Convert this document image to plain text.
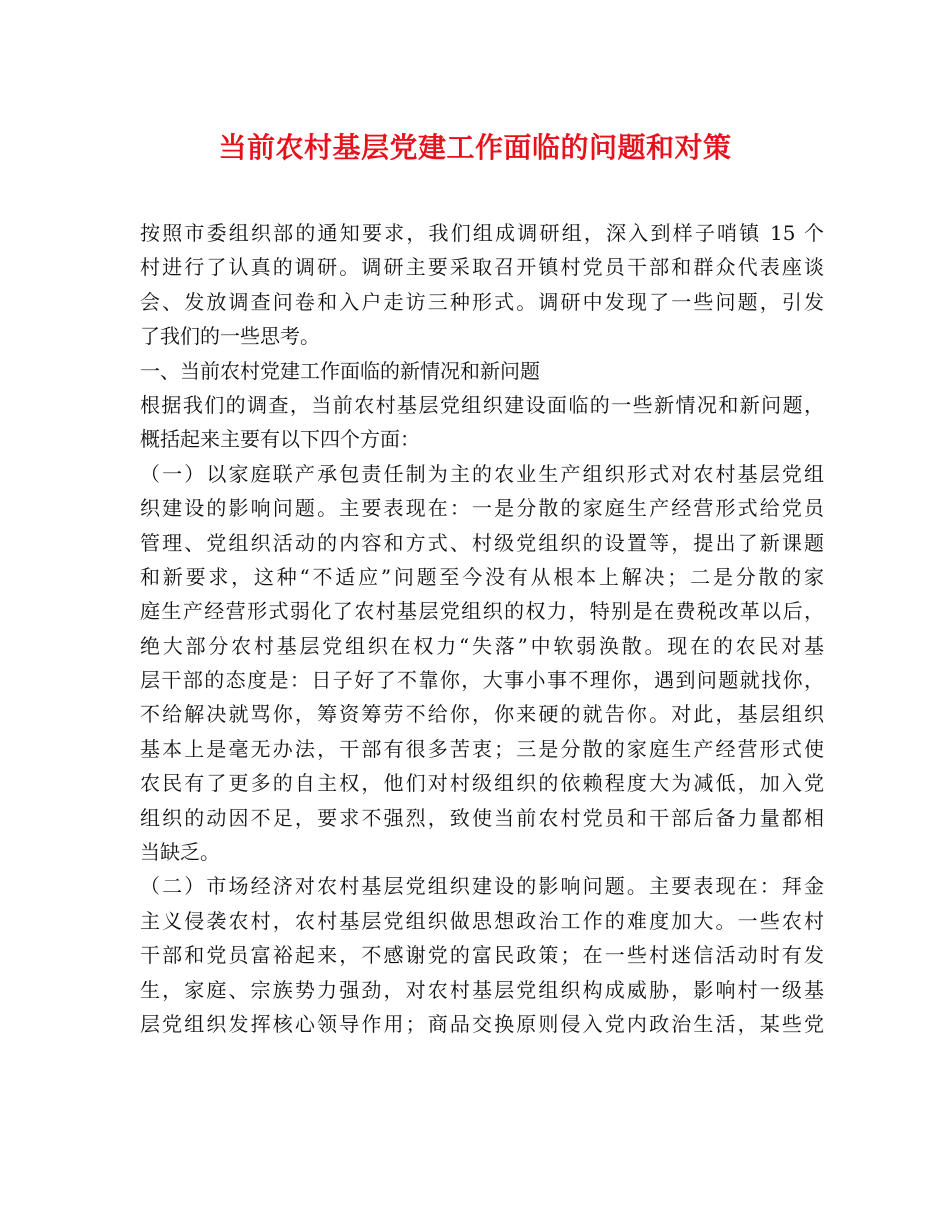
当前农村基层党建工作面临的问题和对策
按照市委组织部的通知要求，我们组成调研组，深入到样子哨镇 15 个
村进行了认真的调研。调研主要采取召开镇村党员干部和群众代表座谈
会、发放调查问卷和入户走访三种形式。调研中发现了一些问题，引发
了我们的一些思考。
一、当前农村党建工作面临的新情况和新问题
根据我们的调查，当前农村基层党组织建设面临的一些新情况和新问题，
概括起来主要有以下四个方面：
（一）以家庭联产承包责任制为主的农业生产组织形式对农村基层党组
织建设的影响问题。主要表现在：一是分散的家庭生产经营形式给党员
管理、党组织活动的内容和方式、村级党组织的设置等，提出了新课题
和新要求，这种“不适应”问题至今没有从根本上解决；二是分散的家
庭生产经营形式弱化了农村基层党组织的权力，特别是在费税改革以后，
绝大部分农村基层党组织在权力“失落”中软弱涣散。现在的农民对基
层干部的态度是：日子好了不靠你，大事小事不理你，遇到问题就找你，
不给解决就骂你，筹资筹劳不给你，你来硬的就告你。对此，基层组织
基本上是毫无办法，干部有很多苦衷；三是分散的家庭生产经营形式使
农民有了更多的自主权，他们对村级组织的依赖程度大为减低，加入党
组织的动因不足，要求不强烈，致使当前农村党员和干部后备力量都相
当缺乏。
（二）市场经济对农村基层党组织建设的影响问题。主要表现在：拜金
主义侵袭农村，农村基层党组织做思想政治工作的难度加大。一些农村
干部和党员富裕起来，不感谢党的富民政策；在一些村迷信活动时有发
生，家庭、宗族势力强劲，对农村基层党组织构成威胁，影响村一级基
层党组织发挥核心领导作用；商品交换原则侵入党内政治生活，某些党
